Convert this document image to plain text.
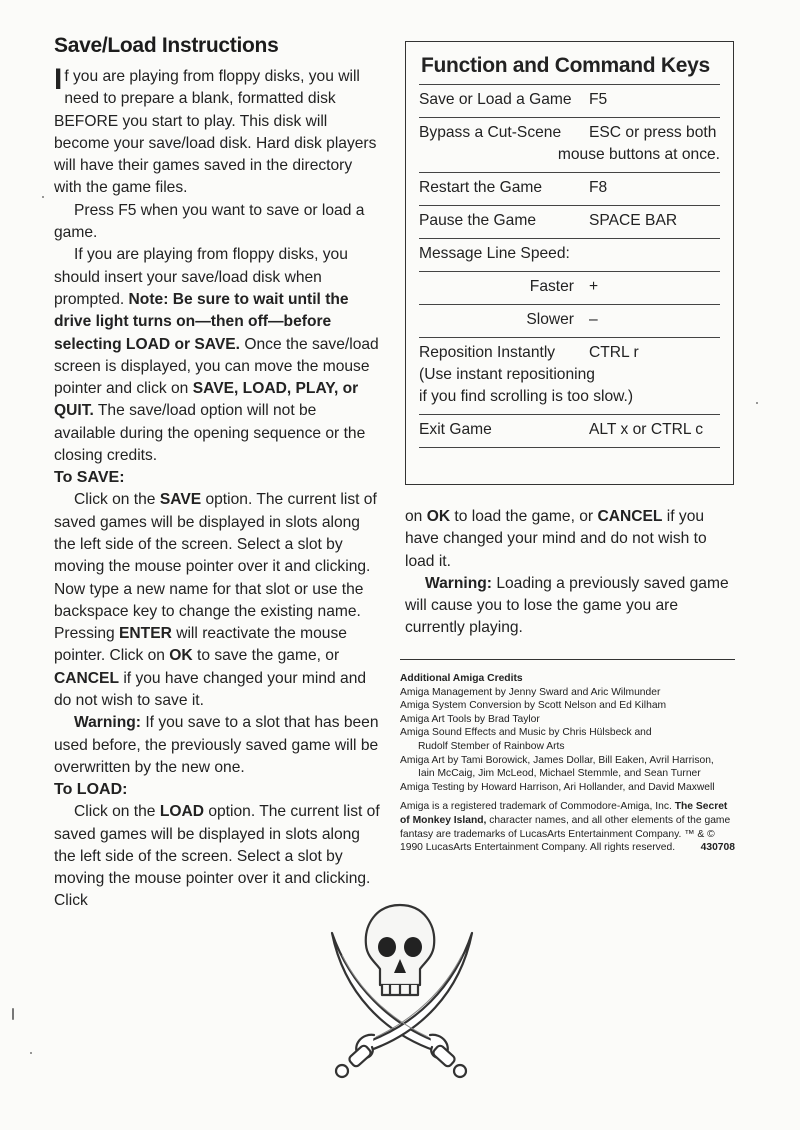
Save/Load Instructions

If you are playing from floppy disks, you will need to prepare a blank, formatted disk BEFORE you start to play. This disk will become your save/load disk. Hard disk players will have their games saved in the directory with the game files.

Press F5 when you want to save or load a game.

If you are playing from floppy disks, you should insert your save/load disk when prompted. Note: Be sure to wait until the drive light turns on—then off—before selecting LOAD or SAVE. Once the save/load screen is displayed, you can move the mouse pointer and click on SAVE, LOAD, PLAY, or QUIT. The save/load option will not be available during the opening sequence or the closing credits.

To SAVE:

Click on the SAVE option. The current list of saved games will be displayed in slots along the left side of the screen. Select a slot by moving the mouse pointer over it and clicking. Now type a new name for that slot or use the backspace key to change the existing name. Pressing ENTER will reactivate the mouse pointer. Click on OK to save the game, or CANCEL if you have changed your mind and do not wish to save it.

Warning: If you save to a slot that has been used before, the previously saved game will be overwritten by the new one.

To LOAD:

Click on the LOAD option. The current list of saved games will be displayed in slots along the left side of the screen. Select a slot by moving the mouse pointer over it and clicking. Click

Function and Command Keys
Save or Load a Game	F5
Bypass a Cut-Scene	ESC or press both
mouse buttons at once.
Restart the Game	F8
Pause the Game	SPACE BAR
Message Line Speed:
Faster +
Slower –
Reposition Instantly	CTRL r
(Use instant repositioning
if you find scrolling is too slow.)
Exit Game	ALT x or CTRL c

on OK to load the game, or CANCEL if you have changed your mind and do not wish to load it.

Warning: Loading a previously saved game will cause you to lose the game you are currently playing.

Additional Amiga Credits
Amiga Management by Jenny Sward and Aric Wilmunder
Amiga System Conversion by Scott Nelson and Ed Kilham
Amiga Art Tools by Brad Taylor
Amiga Sound Effects and Music by Chris Hülsbeck and
Rudolf Stember of Rainbow Arts
Amiga Art by Tami Borowick, James Dollar, Bill Eaken, Avril Harrison,
Iain McCaig, Jim McLeod, Michael Stemmle, and Sean Turner
Amiga Testing by Howard Harrison, Ari Hollander, and David Maxwell
Amiga is a registered trademark of Commodore-Amiga, Inc. The Secret of Monkey Island, character names, and all other elements of the game fantasy are trademarks of LucasArts Entertainment Company. ™ & © 1990 LucasArts Entertainment Company. All rights reserved. 430708
